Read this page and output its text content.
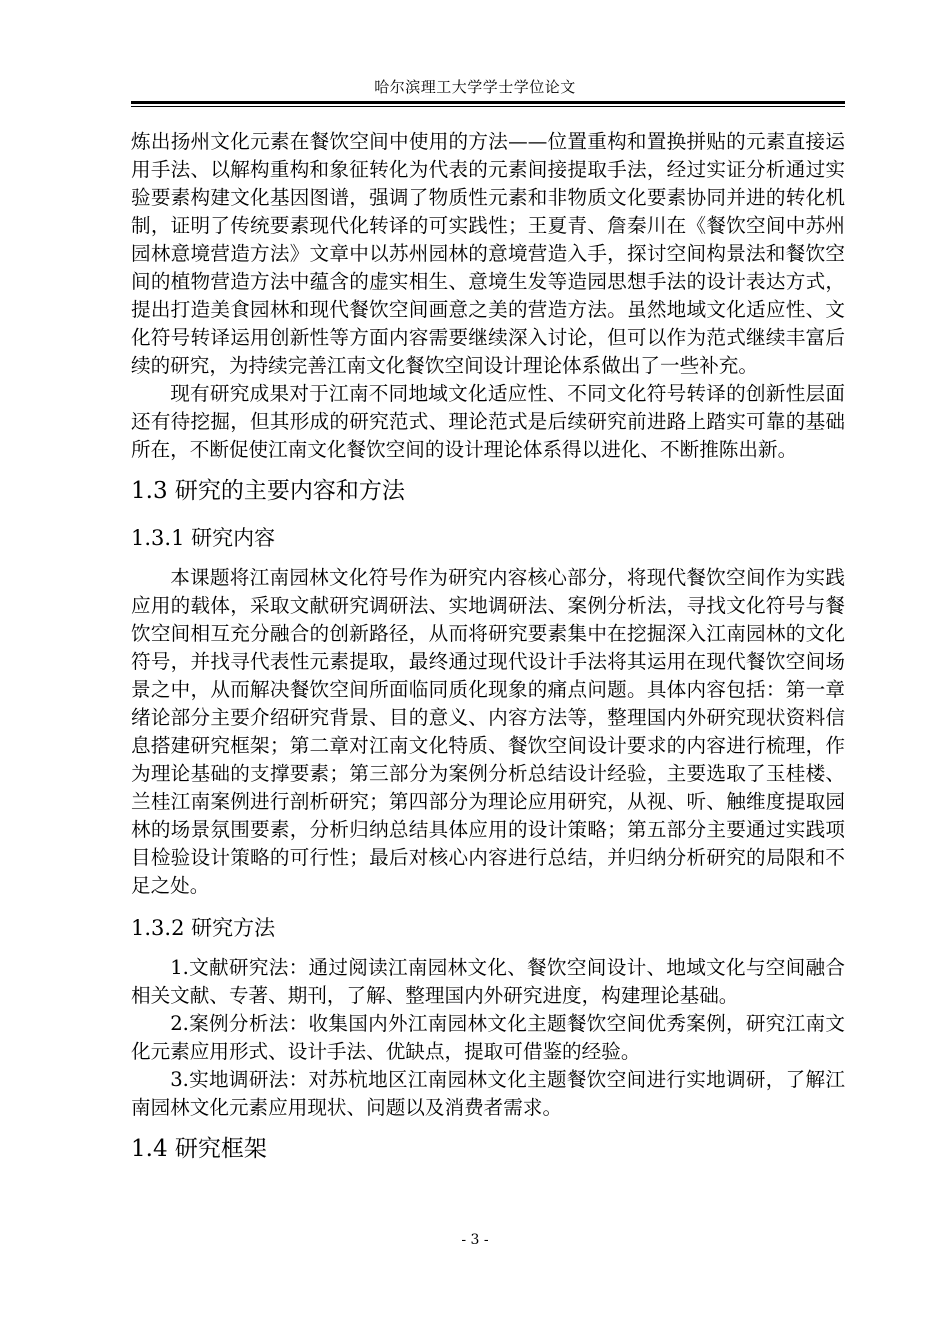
哈尔滨理工大学学士学位论文

炼出扬州文化元素在餐饮空间中使用的方法——位置重构和置换拼贴的元素直接运用手法、以解构重构和象征转化为代表的元素间接提取手法，经过实证分析通过实验要素构建文化基因图谱，强调了物质性元素和非物质文化要素协同并进的转化机制，证明了传统要素现代化转译的可实践性；王夏青、詹秦川在《餐饮空间中苏州园林意境营造方法》文章中以苏州园林的意境营造入手，探讨空间构景法和餐饮空间的植物营造方法中蕴含的虚实相生、意境生发等造园思想手法的设计表达方式，提出打造美食园林和现代餐饮空间画意之美的营造方法。虽然地域文化适应性、文化符号转译运用创新性等方面内容需要继续深入讨论，但可以作为范式继续丰富后续的研究，为持续完善江南文化餐饮空间设计理论体系做出了一些补充。

现有研究成果对于江南不同地域文化适应性、不同文化符号转译的创新性层面还有待挖掘，但其形成的研究范式、理论范式是后续研究前进路上踏实可靠的基础所在，不断促使江南文化餐饮空间的设计理论体系得以进化、不断推陈出新。

1.3 研究的主要内容和方法
1.3.1 研究内容

本课题将江南园林文化符号作为研究内容核心部分，将现代餐饮空间作为实践应用的载体，采取文献研究调研法、实地调研法、案例分析法，寻找文化符号与餐饮空间相互充分融合的创新路径，从而将研究要素集中在挖掘深入江南园林的文化符号，并找寻代表性元素提取，最终通过现代设计手法将其运用在现代餐饮空间场景之中，从而解决餐饮空间所面临同质化现象的痛点问题。具体内容包括：第一章绪论部分主要介绍研究背景、目的意义、内容方法等，整理国内外研究现状资料信息搭建研究框架；第二章对江南文化特质、餐饮空间设计要求的内容进行梳理，作为理论基础的支撑要素；第三部分为案例分析总结设计经验，主要选取了玉桂楼、兰桂江南案例进行剖析研究；第四部分为理论应用研究，从视、听、触维度提取园林的场景氛围要素，分析归纳总结具体应用的设计策略；第五部分主要通过实践项目检验设计策略的可行性；最后对核心内容进行总结，并归纳分析研究的局限和不足之处。

1.3.2 研究方法

1.文献研究法：通过阅读江南园林文化、餐饮空间设计、地域文化与空间融合相关文献、专著、期刊，了解、整理国内外研究进度，构建理论基础。

2.案例分析法：收集国内外江南园林文化主题餐饮空间优秀案例，研究江南文化元素应用形式、设计手法、优缺点，提取可借鉴的经验。

3.实地调研法：对苏杭地区江南园林文化主题餐饮空间进行实地调研，了解江南园林文化元素应用现状、问题以及消费者需求。

1.4 研究框架
- 3 -
